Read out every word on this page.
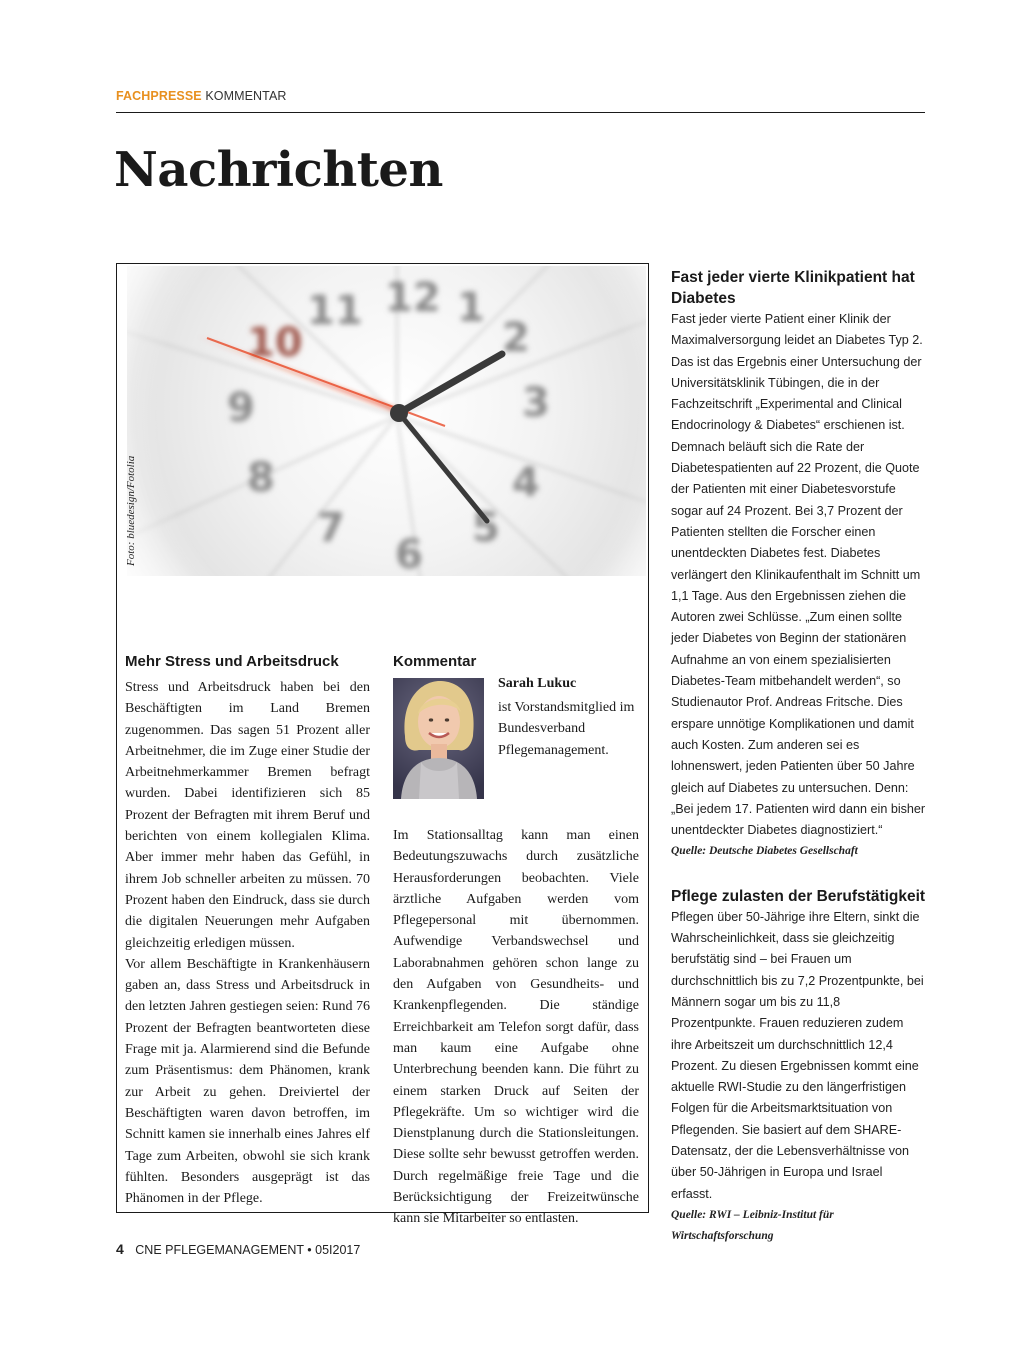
FACHPRESSE KOMMENTAR
Nachrichten
Foto: bluedesign/Fotolia
Mehr Stress und Arbeitsdruck

Stress und Arbeitsdruck haben bei den Beschäftigten im Land Bremen zugenommen. Das sagen 51 Prozent aller Arbeitnehmer, die im Zuge einer Studie der Arbeitnehmerkammer Bremen befragt wurden. Dabei identifizieren sich 85 Prozent der Befragten mit ihrem Beruf und berichten von einem kollegialen Klima. Aber immer mehr haben das Gefühl, in ihrem Job schneller arbeiten zu müssen. 70 Prozent haben den Eindruck, dass sie durch die digitalen Neuerungen mehr Aufgaben gleichzeitig erledigen müssen.

Vor allem Beschäftigte in Krankenhäusern gaben an, dass Stress und Arbeitsdruck in den letzten Jahren gestiegen seien: Rund 76 Prozent der Befragten beantworteten diese Frage mit ja. Alarmierend sind die Befunde zum Präsentismus: dem Phänomen, krank zur Arbeit zu gehen. Dreiviertel der Beschäftigten waren davon betroffen, im Schnitt kamen sie innerhalb eines Jahres elf Tage zum Arbeiten, obwohl sie sich krank fühlten. Besonders ausgeprägt ist das Phänomen in der Pflege.

Kommentar

Sarah Lukuc

ist Vorstandsmitglied im Bundesverband Pflegemanagement.

Im Stationsalltag kann man einen Bedeutungszuwachs durch zusätzliche Herausforderungen beobachten. Viele ärztliche Aufgaben werden vom Pflegepersonal mit übernommen. Aufwendige Verbandswechsel und Laborabnahmen gehören schon lange zu den Aufgaben von Gesundheits- und Krankenpflegenden. Die ständige Erreichbarkeit am Telefon sorgt dafür, dass man kaum eine Aufgabe ohne Unterbrechung beenden kann. Die führt zu einem starken Druck auf Seiten der Pflegekräfte. Um so wichtiger wird die Dienstplanung durch die Stationsleitungen. Diese sollte sehr bewusst getroffen werden. Durch regelmäßige freie Tage und die Berücksichtigung der Freizeitwünsche kann sie Mitarbeiter so entlasten.

Fast jeder vierte Klinikpatient hat Diabetes

Fast jeder vierte Patient einer Klinik der Maximalversorgung leidet an Diabetes Typ 2. Das ist das Ergebnis einer Untersuchung der Universitätsklinik Tübingen, die in der Fachzeitschrift „Experimental and Clinical Endocrinology & Diabetes“ erschienen ist. Demnach beläuft sich die Rate der Diabetespatienten auf 22 Prozent, die Quote der Patienten mit einer Diabetesvorstufe sogar auf 24 Prozent. Bei 3,7 Prozent der Patienten stellten die Forscher einen unentdeckten Diabetes fest. Diabetes verlängert den Klinikaufenthalt im Schnitt um 1,1 Tage. Aus den Ergebnissen ziehen die Autoren zwei Schlüsse. „Zum einen sollte jeder Diabetes von Beginn der stationären Aufnahme an von einem spezialisierten Diabetes-Team mitbehandelt werden“, so Studienautor Prof. Andreas Fritsche. Dies erspare unnötige Komplikationen und damit auch Kosten. Zum anderen sei es lohnenswert, jeden Patienten über 50 Jahre gleich auf Diabetes zu untersuchen. Denn: „Bei jedem 17. Patienten wird dann ein bisher unentdeckter Diabetes diagnostiziert.“

Quelle: Deutsche Diabetes Gesellschaft

Pflege zulasten der Berufstätigkeit

Pflegen über 50-Jährige ihre Eltern, sinkt die Wahrscheinlichkeit, dass sie gleichzeitig berufstätig sind – bei Frauen um durchschnittlich bis zu 7,2 Prozentpunkte, bei Männern sogar um bis zu 11,8 Prozentpunkte. Frauen reduzieren zudem ihre Arbeitszeit um durchschnittlich 12,4 Prozent. Zu diesen Ergebnissen kommt eine aktuelle RWI-Studie zu den längerfristigen Folgen für die Arbeitsmarktsituation von Pflegenden. Sie basiert auf dem SHARE-Datensatz, der die Lebensverhältnisse von über 50-Jährigen in Europa und Israel erfasst.

Quelle: RWI – Leibniz-Institut für Wirtschaftsforschung

4 CNE PFLEGEMANAGEMENT • 05I2017
